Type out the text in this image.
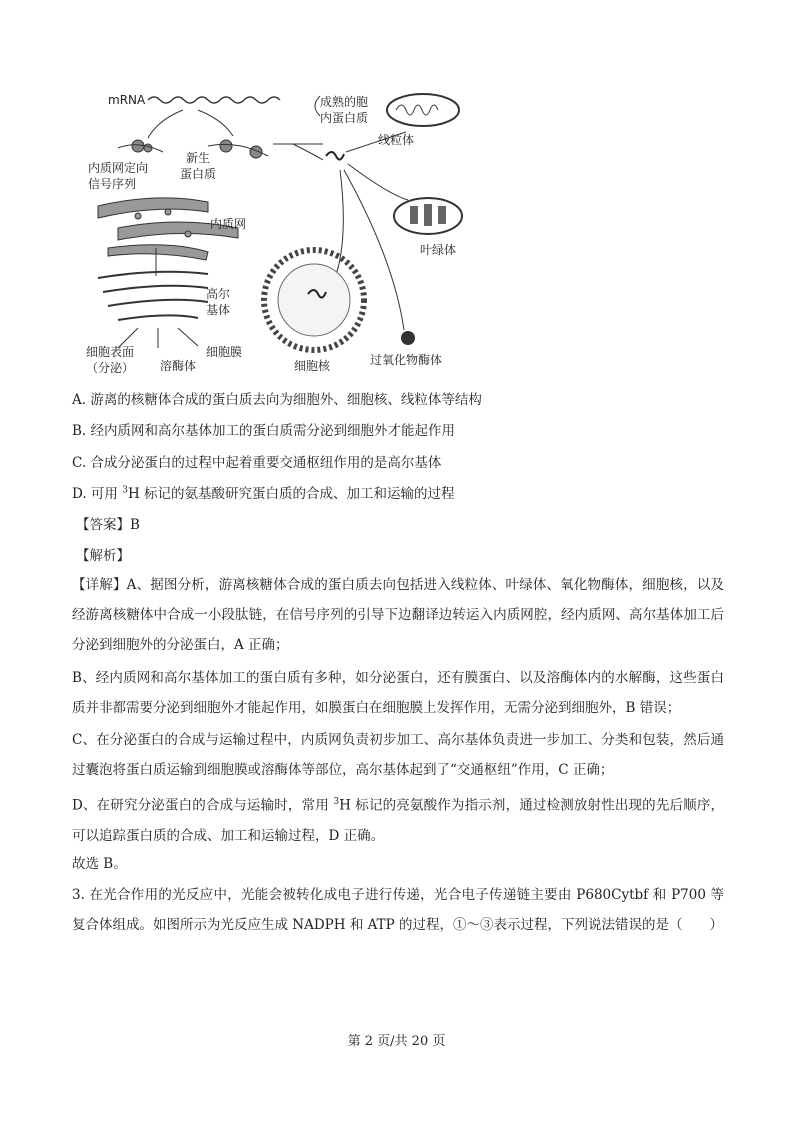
mRNA
内质网定向
信号序列
新生
蛋白质
内质网
高尔
基体
细胞表面
（分泌） 溶酶体
细胞膜
成熟的胞
内蛋白质
线粒体
叶绿体
细胞核	过氧化物酶体
A. 游离的核糖体合成的蛋白质去向为细胞外、细胞核、线粒体等结构
B. 经内质网和高尔基体加工的蛋白质需分泌到细胞外才能起作用
C. 合成分泌蛋白的过程中起着重要交通枢纽作用的是高尔基体
D. 可用 $^3$H 标记的氨基酸研究蛋白质的合成、加工和运输的过程
【答案】B
【解析】
【详解】A、据图分析，游离核糖体合成的蛋白质去向包括进入线粒体、叶绿体、氧化物酶体，细胞核，以及经游离核糖体中合成一小段肽链，在信号序列的引导下边翻译边转运入内质网腔，经内质网、高尔基体加工后分泌到细胞外的分泌蛋白，A 正确；
B、经内质网和高尔基体加工的蛋白质有多种，如分泌蛋白，还有膜蛋白、以及溶酶体内的水解酶，这些蛋白质并非都需要分泌到细胞外才能起作用，如膜蛋白在细胞膜上发挥作用，无需分泌到细胞外，B 错误；
C、在分泌蛋白的合成与运输过程中，内质网负责初步加工、高尔基体负责进一步加工、分类和包装，然后通过囊泡将蛋白质运输到细胞膜或溶酶体等部位，高尔基体起到了“交通枢纽”作用，C 正确；
D、在研究分泌蛋白的合成与运输时，常用 $^3$H 标记的亮氨酸作为指示剂，通过检测放射性出现的先后顺序，可以追踪蛋白质的合成、加工和运输过程，D 正确。
故选 B。
3. 在光合作用的光反应中，光能会被转化成电子进行传递，光合电子传递链主要由 P680Cytbf 和 P700 等复合体组成。如图所示为光反应生成 NADPH 和 ATP 的过程，①～③表示过程，下列说法错误的是（　　）
第 2 页/共 20 页
